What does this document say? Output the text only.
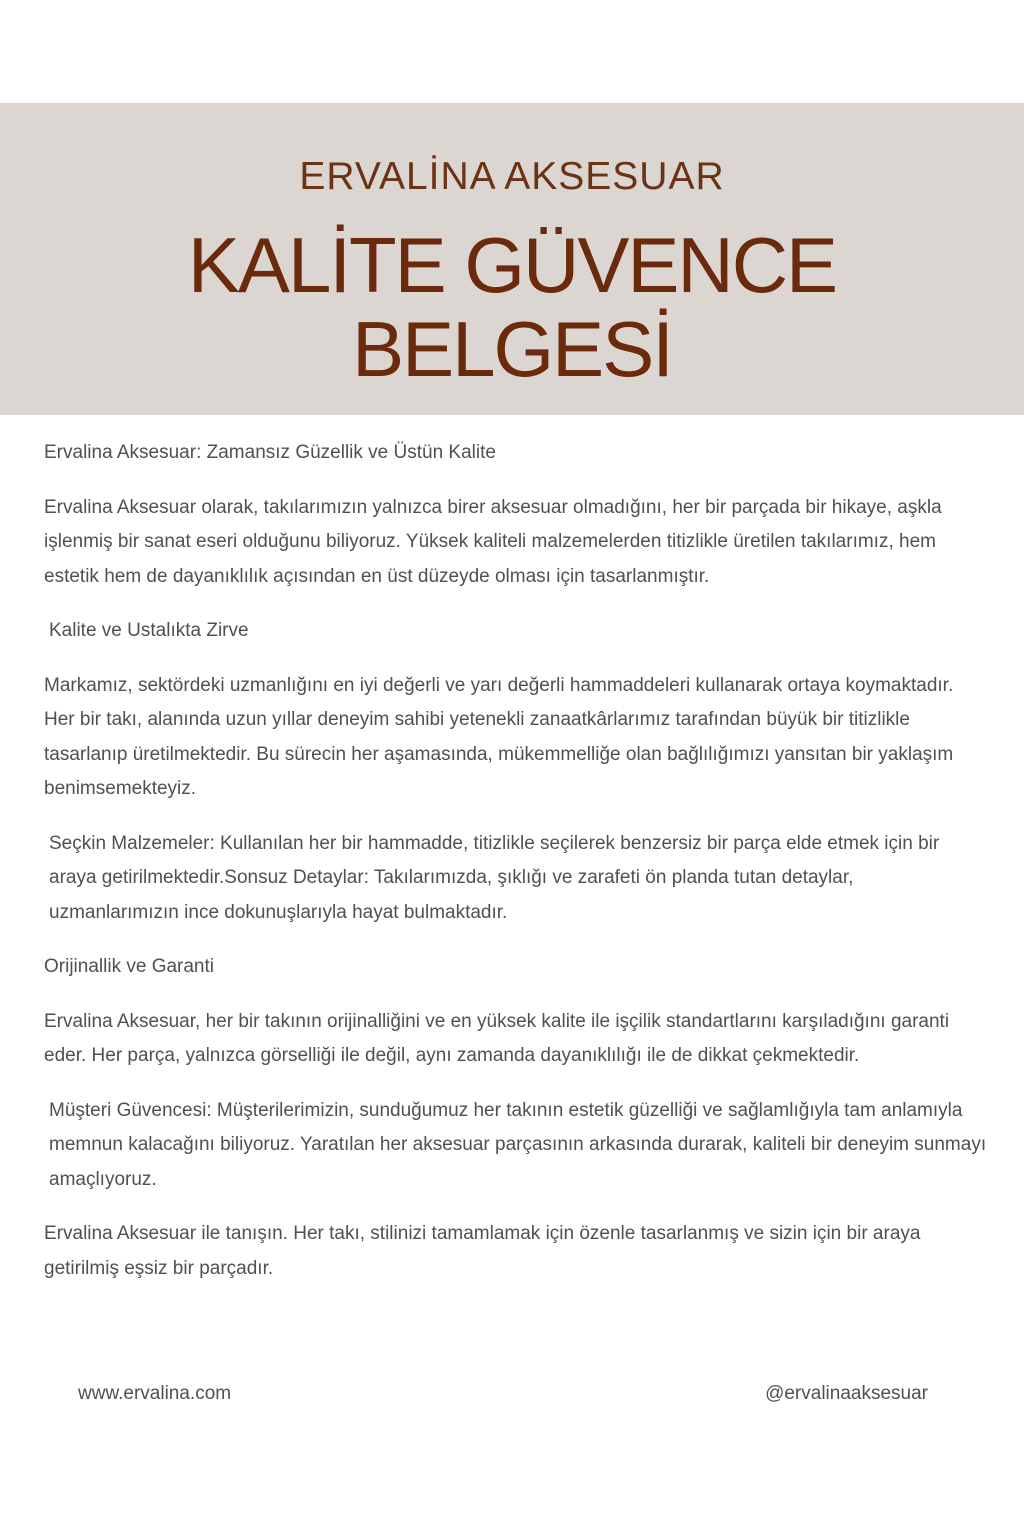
ERVALİNA AKSESUAR
KALİTE GÜVENCE
BELGESİ

Ervalina Aksesuar: Zamansız Güzellik ve Üstün Kalite

Ervalina Aksesuar olarak, takılarımızın yalnızca birer aksesuar olmadığını, her bir parçada bir hikaye, aşkla işlenmiş bir sanat eseri olduğunu biliyoruz. Yüksek kaliteli malzemelerden titizlikle üretilen takılarımız, hem estetik hem de dayanıklılık açısından en üst düzeyde olması için tasarlanmıştır.

Kalite ve Ustalıkta Zirve

Markamız, sektördeki uzmanlığını en iyi değerli ve yarı değerli hammaddeleri kullanarak ortaya koymaktadır. Her bir takı, alanında uzun yıllar deneyim sahibi yetenekli zanaatkârlarımız tarafından büyük bir titizlikle tasarlanıp üretilmektedir. Bu sürecin her aşamasında, mükemmelliğe olan bağlılığımızı yansıtan bir yaklaşım benimsemekteyiz.

Seçkin Malzemeler: Kullanılan her bir hammadde, titizlikle seçilerek benzersiz bir parça elde etmek için bir araya getirilmektedir.Sonsuz Detaylar: Takılarımızda, şıklığı ve zarafeti ön planda tutan detaylar, uzmanlarımızın ince dokunuşlarıyla hayat bulmaktadır.

Orijinallik ve Garanti

Ervalina Aksesuar, her bir takının orijinalliğini ve en yüksek kalite ile işçilik standartlarını karşıladığını garanti eder. Her parça, yalnızca görselliği ile değil, aynı zamanda dayanıklılığı ile de dikkat çekmektedir.

Müşteri Güvencesi: Müşterilerimizin, sunduğumuz her takının estetik güzelliği ve sağlamlığıyla tam anlamıyla memnun kalacağını biliyoruz. Yaratılan her aksesuar parçasının arkasında durarak, kaliteli bir deneyim sunmayı amaçlıyoruz.

Ervalina Aksesuar ile tanışın. Her takı, stilinizi tamamlamak için özenle tasarlanmış ve sizin için bir araya getirilmiş eşsiz bir parçadır.

www.ervalina.com	@ervalinaaksesuar
